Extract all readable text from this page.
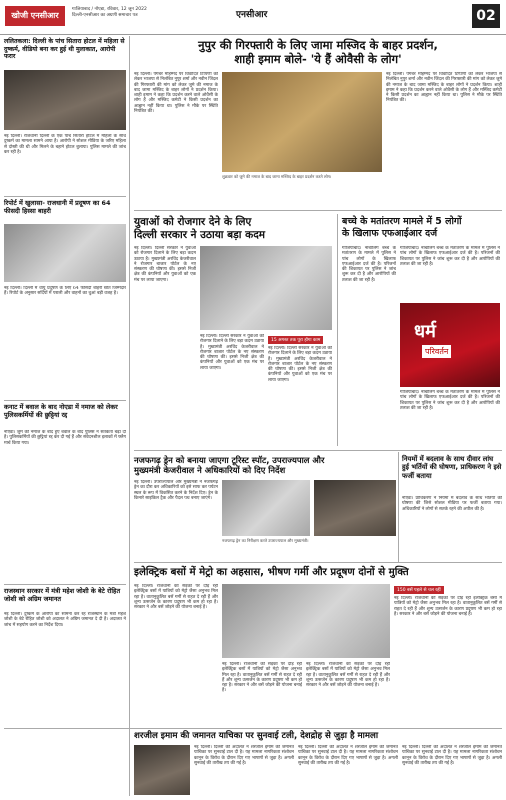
खोजी एनसीआर
गाजियाबाद / नोएडा, रविवार, 12 जून 2022
दिल्ली-एनसीआर का अग्रणी समाचार पत्र	एनसीआर	02
ललितकला: दिल्ली के पांच सितारा होटल में महिला से दुष्कर्म, वीडियो बना कर हुई थी मुलाकात, आरोपी फरार
नई दिल्ली। राजधानी दिल्ली के एक पांच सितारा होटल में महिला के साथ दुष्कर्म का मामला सामने आया है। आरोपी ने सोशल मीडिया के जरिए महिला से दोस्ती की थी और मिलने के बहाने होटल बुलाया। पुलिस मामले की जांच कर रही है।
रिपोर्ट में खुलासा- राजधानी में प्रदूषण का 64 फीसदी हिस्सा बाहरी
नई दिल्ली। दिल्ली में वायु प्रदूषण के लिए 64 फीसदी बाहरी स्रोत जिम्मेदार हैं। रिपोर्ट के अनुसार सर्दियों में पराली और वाहनों का धुआं बड़ी वजह है।
कनाट में बवाल के बाद नोएडा में नमाज को लेकर पुलिसकर्मियों की छुट्टियां रद्द
नोएडा। जुमे की नमाज के बाद हुए बवाल के बाद पुलिस ने सतर्कता बढ़ा दी है। पुलिसकर्मियों की छुट्टियां रद्द कर दी गई हैं और संवेदनशील इलाकों में फ्लैग मार्च किया गया।
राजस्थान सरकार में मंत्री महेश जोशी के बेटे रोहित जोशी को अग्रिम जमानत
नई दिल्ली। दुष्कर्म के आरोपों का सामना कर रहे राजस्थान के मंत्री महेश जोशी के बेटे रोहित जोशी को अदालत ने अग्रिम जमानत दे दी है। अदालत ने जांच में सहयोग करने का निर्देश दिया।
नुपुर की गिरफ्तारी के लिए जामा मस्जिद के बाहर प्रदर्शन,
शाही इमाम बोले- 'ये हैं ओवैसी के लोग'
नई दिल्ली। पैगंबर मोहम्मद पर विवादित टिप्पणी को लेकर भाजपा से निलंबित नुपुर शर्मा और नवीन जिंदल की गिरफ्तारी की मांग को लेकर जुमे की नमाज के बाद जामा मस्जिद के बाहर लोगों ने प्रदर्शन किया। शाही इमाम ने कहा कि प्रदर्शन करने वाले ओवैसी के लोग हैं और मस्जिद कमेटी ने किसी प्रदर्शन का आह्वान नहीं किया था। पुलिस ने मौके पर स्थिति नियंत्रित की।
शुक्रवार को जुमे की नमाज के बाद जामा मस्जिद के बाहर प्रदर्शन करते लोग।
नई दिल्ली। पैगंबर मोहम्मद पर विवादित टिप्पणी को लेकर भाजपा से निलंबित नुपुर शर्मा और नवीन जिंदल की गिरफ्तारी की मांग को लेकर जुमे की नमाज के बाद जामा मस्जिद के बाहर लोगों ने प्रदर्शन किया। शाही इमाम ने कहा कि प्रदर्शन करने वाले ओवैसी के लोग हैं और मस्जिद कमेटी ने किसी प्रदर्शन का आह्वान नहीं किया था। पुलिस ने मौके पर स्थिति नियंत्रित की।
युवाओं को रोजगार देने के लिए
दिल्ली सरकार ने उठाया बड़ा कदम
नई दिल्ली। दिल्ली सरकार ने युवाओं को रोजगार दिलाने के लिए बड़ा कदम उठाया है। मुख्यमंत्री अरविंद केजरीवाल ने रोजगार बाजार पोर्टल के नए संस्करण की घोषणा की। इससे निजी क्षेत्र की कंपनियों और युवाओं को एक मंच पर लाया जाएगा।
नई दिल्ली। दिल्ली सरकार ने युवाओं को रोजगार दिलाने के लिए बड़ा कदम उठाया है। मुख्यमंत्री अरविंद केजरीवाल ने रोजगार बाजार पोर्टल के नए संस्करण की घोषणा की। इससे निजी क्षेत्र की कंपनियों और युवाओं को एक मंच पर लाया जाएगा।
15 अगस्त तक पूरा होगा काम
नई दिल्ली। दिल्ली सरकार ने युवाओं को रोजगार दिलाने के लिए बड़ा कदम उठाया है। मुख्यमंत्री अरविंद केजरीवाल ने रोजगार बाजार पोर्टल के नए संस्करण की घोषणा की। इससे निजी क्षेत्र की कंपनियों और युवाओं को एक मंच पर लाया जाएगा।
बच्चे के मतांतरण मामले में 5 लोगों
के खिलाफ एफआईआर दर्ज
गाजियाबाद। नाबालिग बच्चे के मतांतरण के मामले में पुलिस ने पांच लोगों के खिलाफ एफआईआर दर्ज की है। परिजनों की शिकायत पर पुलिस ने जांच शुरू कर दी है और आरोपियों की तलाश की जा रही है।
गाजियाबाद। नाबालिग बच्चे के मतांतरण के मामले में पुलिस ने पांच लोगों के खिलाफ एफआईआर दर्ज की है। परिजनों की शिकायत पर पुलिस ने जांच शुरू कर दी है और आरोपियों की तलाश की जा रही है।
धर्म
परिवर्तन
गाजियाबाद। नाबालिग बच्चे के मतांतरण के मामले में पुलिस ने पांच लोगों के खिलाफ एफआईआर दर्ज की है। परिजनों की शिकायत पर पुलिस ने जांच शुरू कर दी है और आरोपियों की तलाश की जा रही है।
नजफगढ़ ड्रेन को बनाया जाएगा टूरिस्ट स्पॉट, उपराज्यपाल और
मुख्यमंत्री केजरीवाल ने अधिकारियों को दिए निर्देश
नई दिल्ली। उपराज्यपाल और मुख्यमंत्री ने नजफगढ़ ड्रेन का दौरा कर अधिकारियों को इसे साफ कर पर्यटन स्थल के रूप में विकसित करने के निर्देश दिए। ड्रेन के किनारे साइकिल ट्रैक और पैदल पथ बनाए जाएंगे।
नजफगढ़ ड्रेन का निरीक्षण करते उपराज्यपाल और मुख्यमंत्री।
नियमों में बदलाव के साथ दीवार लांघ हुई भर्तियों की घोषणा, प्राधिकरण ने इसे फर्जी बताया
नोएडा। प्राधिकरण ने नियमों में बदलाव के साथ भर्तियों की घोषणा की जिसे सोशल मीडिया पर फर्जी बताया गया। अधिकारियों ने लोगों से सतर्क रहने की अपील की है।
इलेक्ट्रिक बसों में मेट्रो का अहसास, भीषण गर्मी और प्रदूषण दोनों से मुक्ति
नई दिल्ली। राजधानी की सड़कों पर दौड़ रही इलेक्ट्रिक बसों में यात्रियों को मेट्रो जैसा अनुभव मिल रहा है। वातानुकूलित बसें गर्मी से राहत दे रही हैं और शून्य उत्सर्जन के कारण प्रदूषण भी कम हो रहा है। सरकार ने और बसें जोड़ने की योजना बनाई है।
नई दिल्ली। राजधानी की सड़कों पर दौड़ रही इलेक्ट्रिक बसों में यात्रियों को मेट्रो जैसा अनुभव मिल रहा है। वातानुकूलित बसें गर्मी से राहत दे रही हैं और शून्य उत्सर्जन के कारण प्रदूषण भी कम हो रहा है। सरकार ने और बसें जोड़ने की योजना बनाई है।
नई दिल्ली। राजधानी की सड़कों पर दौड़ रही इलेक्ट्रिक बसों में यात्रियों को मेट्रो जैसा अनुभव मिल रहा है। वातानुकूलित बसें गर्मी से राहत दे रही हैं और शून्य उत्सर्जन के कारण प्रदूषण भी कम हो रहा है। सरकार ने और बसें जोड़ने की योजना बनाई है।
150 बसें पहले से चल रहीं
नई दिल्ली। राजधानी की सड़कों पर दौड़ रही इलेक्ट्रिक बसों में यात्रियों को मेट्रो जैसा अनुभव मिल रहा है। वातानुकूलित बसें गर्मी से राहत दे रही हैं और शून्य उत्सर्जन के कारण प्रदूषण भी कम हो रहा है। सरकार ने और बसें जोड़ने की योजना बनाई है।
शरजील इमाम की जमानत याचिका पर सुनवाई टली, देशद्रोह से जुड़ा है मामला
नई दिल्ली। दिल्ली की अदालत ने शरजील इमाम की जमानत याचिका पर सुनवाई टाल दी है। यह मामला नागरिकता संशोधन कानून के विरोध के दौरान दिए गए भाषणों से जुड़ा है। अगली सुनवाई की तारीख तय की गई है।
नई दिल्ली। दिल्ली की अदालत ने शरजील इमाम की जमानत याचिका पर सुनवाई टाल दी है। यह मामला नागरिकता संशोधन कानून के विरोध के दौरान दिए गए भाषणों से जुड़ा है। अगली सुनवाई की तारीख तय की गई है।
नई दिल्ली। दिल्ली की अदालत ने शरजील इमाम की जमानत याचिका पर सुनवाई टाल दी है। यह मामला नागरिकता संशोधन कानून के विरोध के दौरान दिए गए भाषणों से जुड़ा है। अगली सुनवाई की तारीख तय की गई है।
